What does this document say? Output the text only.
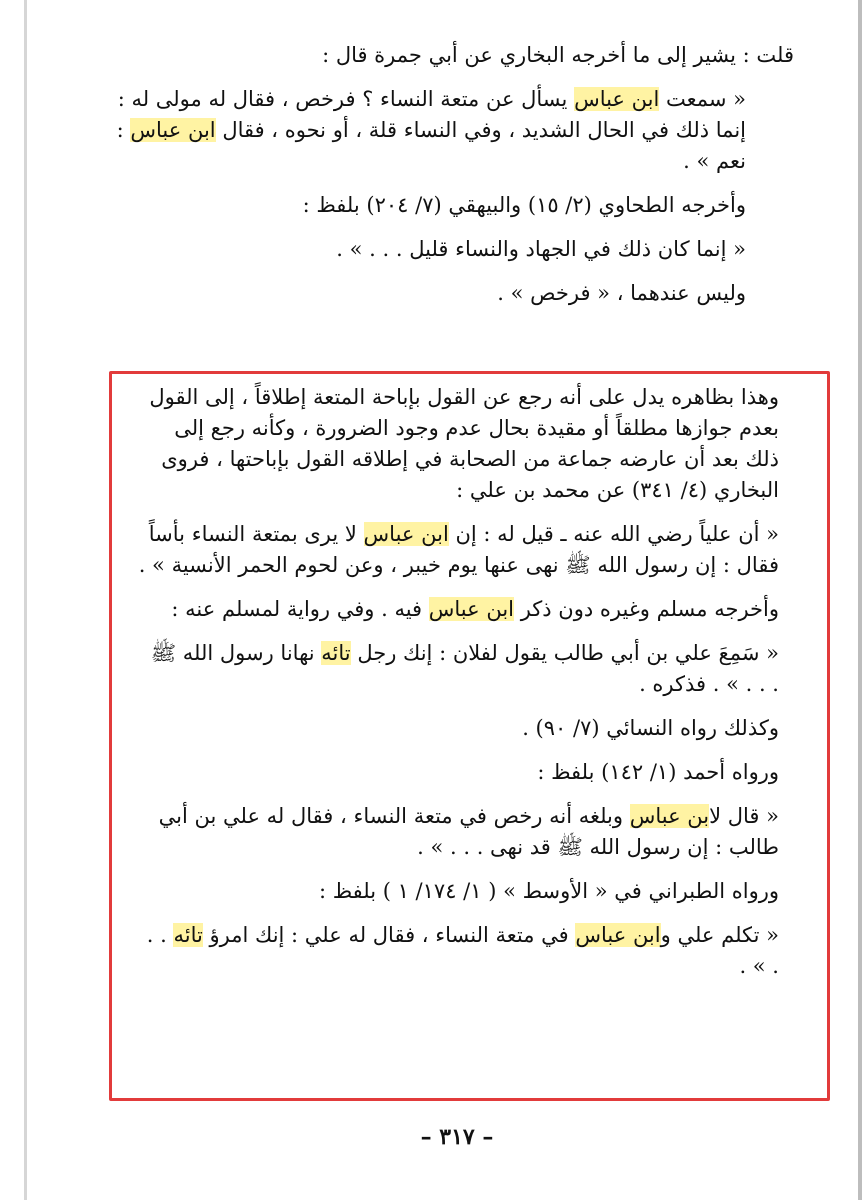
قلت : يشير إلى ما أخرجه البخاري عن أبي جمرة قال :

« سمعت ابن عباس يسأل عن متعة النساء ؟ فرخص ، فقال له مولى له : إنما ذلك في الحال الشديد ، وفي النساء قلة ، أو نحوه ، فقال ابن عباس : نعم » .

وأخرجه الطحاوي (٢/ ١٥) والبيهقي (٧/ ٢٠٤) بلفظ :

« إنما كان ذلك في الجهاد والنساء قليل . . . » .

وليس عندهما ، « فرخص » .

وهذا بظاهره يدل على أنه رجع عن القول بإباحة المتعة إطلاقاً ، إلى القول بعدم جوازها مطلقاً أو مقيدة بحال عدم وجود الضرورة ، وكأنه رجع إلى ذلك بعد أن عارضه جماعة من الصحابة في إطلاقه القول بإباحتها ، فروى البخاري (٤/ ٣٤١) عن محمد بن علي :

« أن علياً رضي الله عنه ـ قيل له : إن ابن عباس لا يرى بمتعة النساء بأساً فقال : إن رسول الله ﷺ نهى عنها يوم خيبر ، وعن لحوم الحمر الأنسية » .

وأخرجه مسلم وغيره دون ذكر ابن عباس فيه . وفي رواية لمسلم عنه :

« سَمِعَ علي بن أبي طالب يقول لفلان : إنك رجل تائه نهانا رسول الله ﷺ . . . » . فذكره .

وكذلك رواه النسائي (٧/ ٩٠) .

ورواه أحمد (١/ ١٤٢) بلفظ :

« قال لابن عباس وبلغه أنه رخص في متعة النساء ، فقال له علي بن أبي طالب : إن رسول الله ﷺ قد نهى . . . » .

ورواه الطبراني في « الأوسط » ( ١/ ١٧٤/ ١ ) بلفظ :

« تكلم علي وابن عباس في متعة النساء ، فقال له علي : إنك امرؤ تائه . . . » .

– ٣١٧ –
